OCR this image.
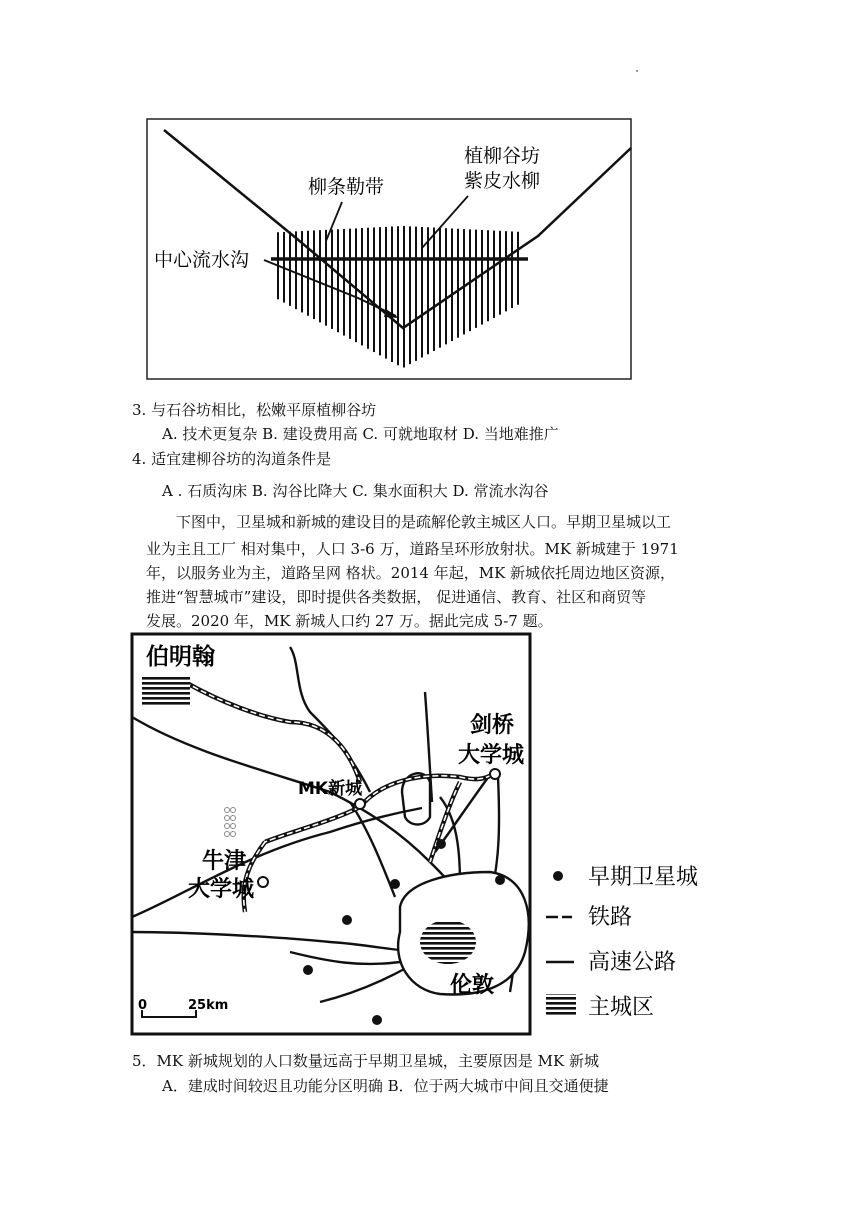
柳条勒带
植柳谷坊
紫皮水柳
中心流水沟
3. 与石谷坊相比，松嫩平原植柳谷坊
A. 技术更复杂 B. 建设费用高 C. 可就地取材 D. 当地难推广
4. 适宜建柳谷坊的沟道条件是
A . 石质沟床 B. 沟谷比降大 C. 集水面积大 D. 常流水沟谷
下图中，卫星城和新城的建设目的是疏解伦敦主城区人口。早期卫星城以工
业为主且工厂 相对集中，人口 3-6 万，道路呈环形放射状。MK 新城建于 1971
年，以服务业为主，道路呈网 格状。2014 年起，MK 新城依托周边地区资源，
推进“智慧城市”建设，即时提供各类数据， 促进通信、教育、社区和商贸等
发展。2020 年，MK 新城人口约 27 万。据此完成 5-7 题。
伯明翰
剑桥
大学城
MK新城
牛津
大学城
伦敦
0	25km
早期卫星城
铁路
高速公路
主城区
5．MK 新城规划的人口数量远高于早期卫星城，主要原因是 MK 新城
A．建成时间较迟且功能分区明确 B．位于两大城市中间且交通便捷
